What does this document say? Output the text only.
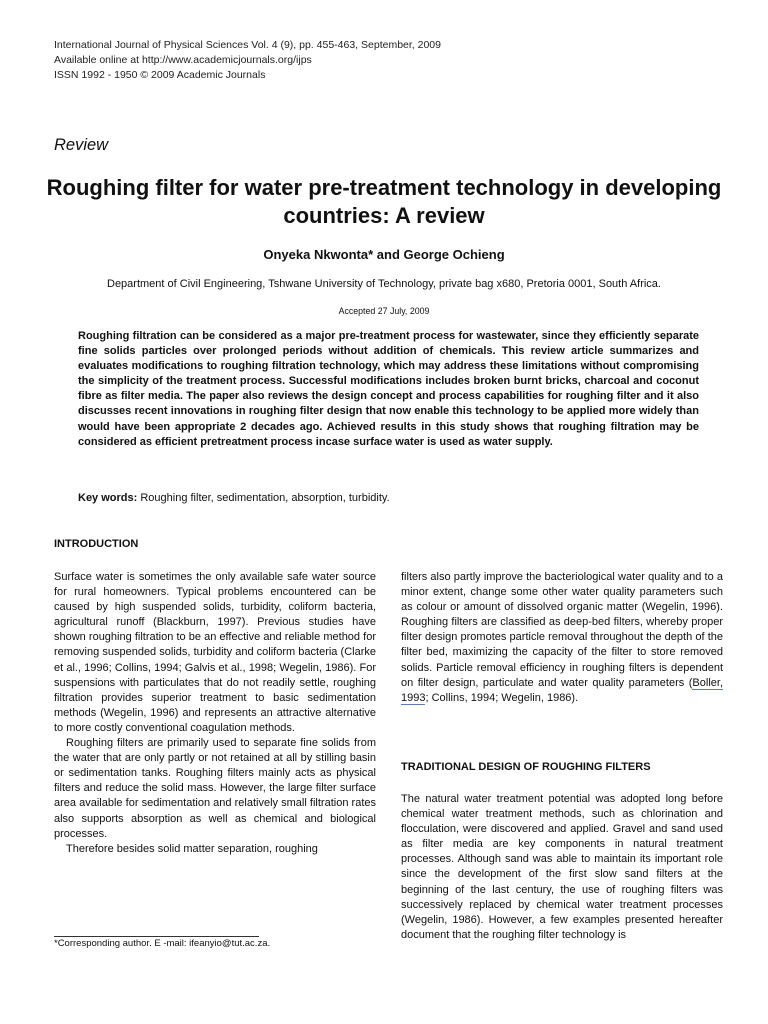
International Journal of Physical Sciences Vol. 4 (9), pp. 455-463, September, 2009
Available online at http://www.academicjournals.org/ijps
ISSN 1992 - 1950 © 2009 Academic Journals
Review
Roughing filter for water pre-treatment technology in developing countries: A review
Onyeka Nkwonta* and George Ochieng
Department of Civil Engineering, Tshwane University of Technology, private bag x680, Pretoria 0001, South Africa.
Accepted 27 July, 2009

Roughing filtration can be considered as a major pre-treatment process for wastewater, since they efficiently separate fine solids particles over prolonged periods without addition of chemicals. This review article summarizes and evaluates modifications to roughing filtration technology, which may address these limitations without compromising the simplicity of the treatment process. Successful modifications includes broken burnt bricks, charcoal and coconut fibre as filter media. The paper also reviews the design concept and process capabilities for roughing filter and it also discusses recent innovations in roughing filter design that now enable this technology to be applied more widely than would have been appropriate 2 decades ago. Achieved results in this study shows that roughing filtration may be considered as efficient pretreatment process incase surface water is used as water supply.

Key words: Roughing filter, sedimentation, absorption, turbidity.
INTRODUCTION

Surface water is sometimes the only available safe water source for rural homeowners. Typical problems encountered can be caused by high suspended solids, turbidity, coliform bacteria, agricultural runoff (Blackburn, 1997). Previous studies have shown roughing filtration to be an effective and reliable method for removing suspended solids, turbidity and coliform bacteria (Clarke et al., 1996; Collins, 1994; Galvis et al., 1998; Wegelin, 1986). For suspensions with particulates that do not readily settle, roughing filtration provides superior treatment to basic sedimentation methods (Wegelin, 1996) and represents an attractive alternative to more costly conventional coagulation methods.

Roughing filters are primarily used to separate fine solids from the water that are only partly or not retained at all by stilling basin or sedimentation tanks. Roughing filters mainly acts as physical filters and reduce the solid mass. However, the large filter surface area available for sedimentation and relatively small filtration rates also supports absorption as well as chemical and biological processes.

Therefore besides solid matter separation, roughing

filters also partly improve the bacteriological water quality and to a minor extent, change some other water quality parameters such as colour or amount of dissolved organic matter (Wegelin, 1996). Roughing filters are classified as deep-bed filters, whereby proper filter design promotes particle removal throughout the depth of the filter bed, maximizing the capacity of the filter to store removed solids. Particle removal efficiency in roughing filters is dependent on filter design, particulate and water quality parameters (Boller, 1993; Collins, 1994; Wegelin, 1986).

TRADITIONAL DESIGN OF ROUGHING FILTERS

The natural water treatment potential was adopted long before chemical water treatment methods, such as chlorination and flocculation, were discovered and applied. Gravel and sand used as filter media are key components in natural treatment processes. Although sand was able to maintain its important role since the development of the first slow sand filters at the beginning of the last century, the use of roughing filters was successively replaced by chemical water treatment processes (Wegelin, 1986). However, a few examples presented hereafter document that the roughing filter technology is

*Corresponding author. E -mail: ifeanyio@tut.ac.za.
